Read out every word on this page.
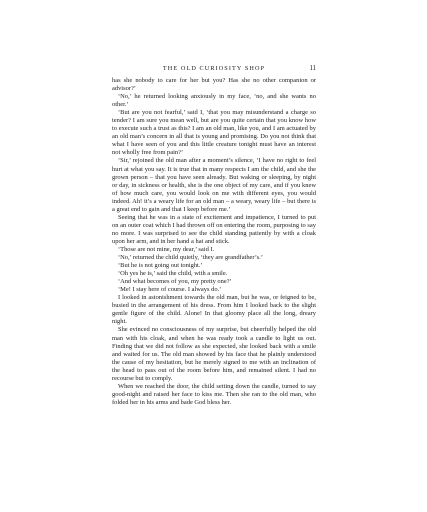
THE OLD CURIOSITY SHOP	11

has she nobody to care for her but you? Has she no other companion or advisor?’

‘No,’ he returned looking anxiously in my face, ‘no, and she wants no other.’

‘But are you not fearful,’ said I, ‘that you may misunderstand a charge so tender? I am sure you mean well, but are you quite certain that you know how to execute such a trust as this? I am an old man, like you, and I am actuated by an old man’s concern in all that is young and promising. Do you not think that what I have seen of you and this little creature tonight must have an interest not wholly free from pain?’

‘Sir,’ rejoined the old man after a moment’s silence, ‘I have no right to feel hurt at what you say. It is true that in many respects I am the child, and she the grown person – that you have seen already. But waking or sleeping, by night or day, in sickness or health, she is the one object of my care, and if you knew of how much care, you would look on me with different eyes, you would indeed. Ah! it’s a weary life for an old man – a weary, weary life – but there is a great end to gain and that I keep before me.’

Seeing that he was in a state of excitement and impatience, I turned to put on an outer coat which I had thrown off on entering the room, purposing to say no more. I was surprised to see the child standing patiently by with a cloak upon her arm, and in her hand a hat and stick.

‘Those are not mine, my dear,’ said I.

‘No,’ returned the child quietly, ‘they are grandfather’s.’

‘But he is not going out tonight.’

‘Oh yes he is,’ said the child, with a smile.

‘And what becomes of you, my pretty one?’

‘Me! I stay here of course. I always do.’

I looked in astonishment towards the old man, but he was, or feigned to be, busied in the arrangement of his dress. From him I looked back to the slight gentle figure of the child. Alone! In that gloomy place all the long, dreary night.

She evinced no consciousness of my surprise, but cheerfully helped the old man with his cloak, and when he was ready took a candle to light us out. Finding that we did not follow as she expected, she looked back with a smile and waited for us. The old man showed by his face that he plainly understood the cause of my hesitation, but he merely signed to me with an inclination of the head to pass out of the room before him, and remained silent. I had no recourse but to comply.

When we reached the door, the child setting down the candle, turned to say good-night and raised her face to kiss me. Then she ran to the old man, who folded her in his arms and bade God bless her.
